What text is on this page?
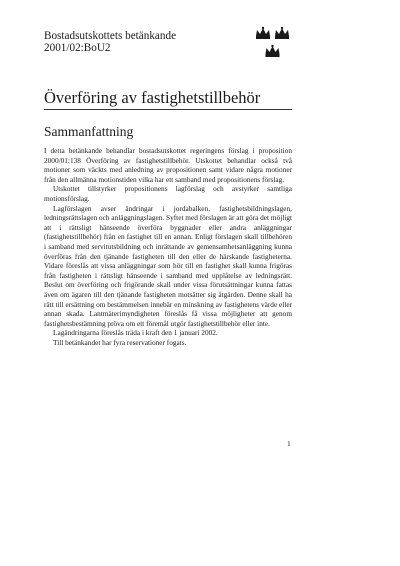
Bostadsutskottets betänkande
2001/02:BoU2
Överföring av fastighetstillbehör
Sammanfattning

I detta betänkande behandlar bostadsutskottet regeringens förslag i proposition 2000/01:138 Överföring av fastighetstillbehör. Utskottet behandlar också två motioner som väckts med anledning av propositionen samt vidare några motioner från den allmänna motionstiden vilka har ett samband med propositionens förslag.

Utskottet tillstyrker propositionens lagförslag och avstyrker samtliga motionsförslag.

Lagförslagen avser ändringar i jordabalken, fastighetsbildningslagen, ledningsrättslagen och anläggningslagen. Syftet med förslagen är att göra det möjligt att i rättsligt hänseende överföra byggnader eller andra anläggningar (fastighetstillbehör) från en fastighet till en annan. Enligt förslagen skall tillbehören i samband med servitutsbildning och inrättande av gemensamhetsanläggning kunna överföras från den tjänande fastigheten till den eller de härskande fastigheterna. Vidare föreslås att vissa anläggningar som hör till en fastighet skall kunna frigöras från fastigheten i rättsligt hänseende i samband med upplåtelse av ledningsrätt. Beslut om överföring och frigörande skall under vissa förutsättningar kunna fattas även om ägaren till den tjänande fastigheten motsätter sig åtgärden. Denne skall ha rätt till ersättning om bestämmelsen innebär en minskning av fastighetens värde eller annan skada. Lantmäterimyndigheten föreslås få vissa möjligheter att genom fastighetsbestämning pröva om ett föremål utgör fastighetstillbehör eller inte.

Lagändringarna föreslås träda i kraft den 1 januari 2002.

Till betänkandet har fyra reservationer fogats.

1
